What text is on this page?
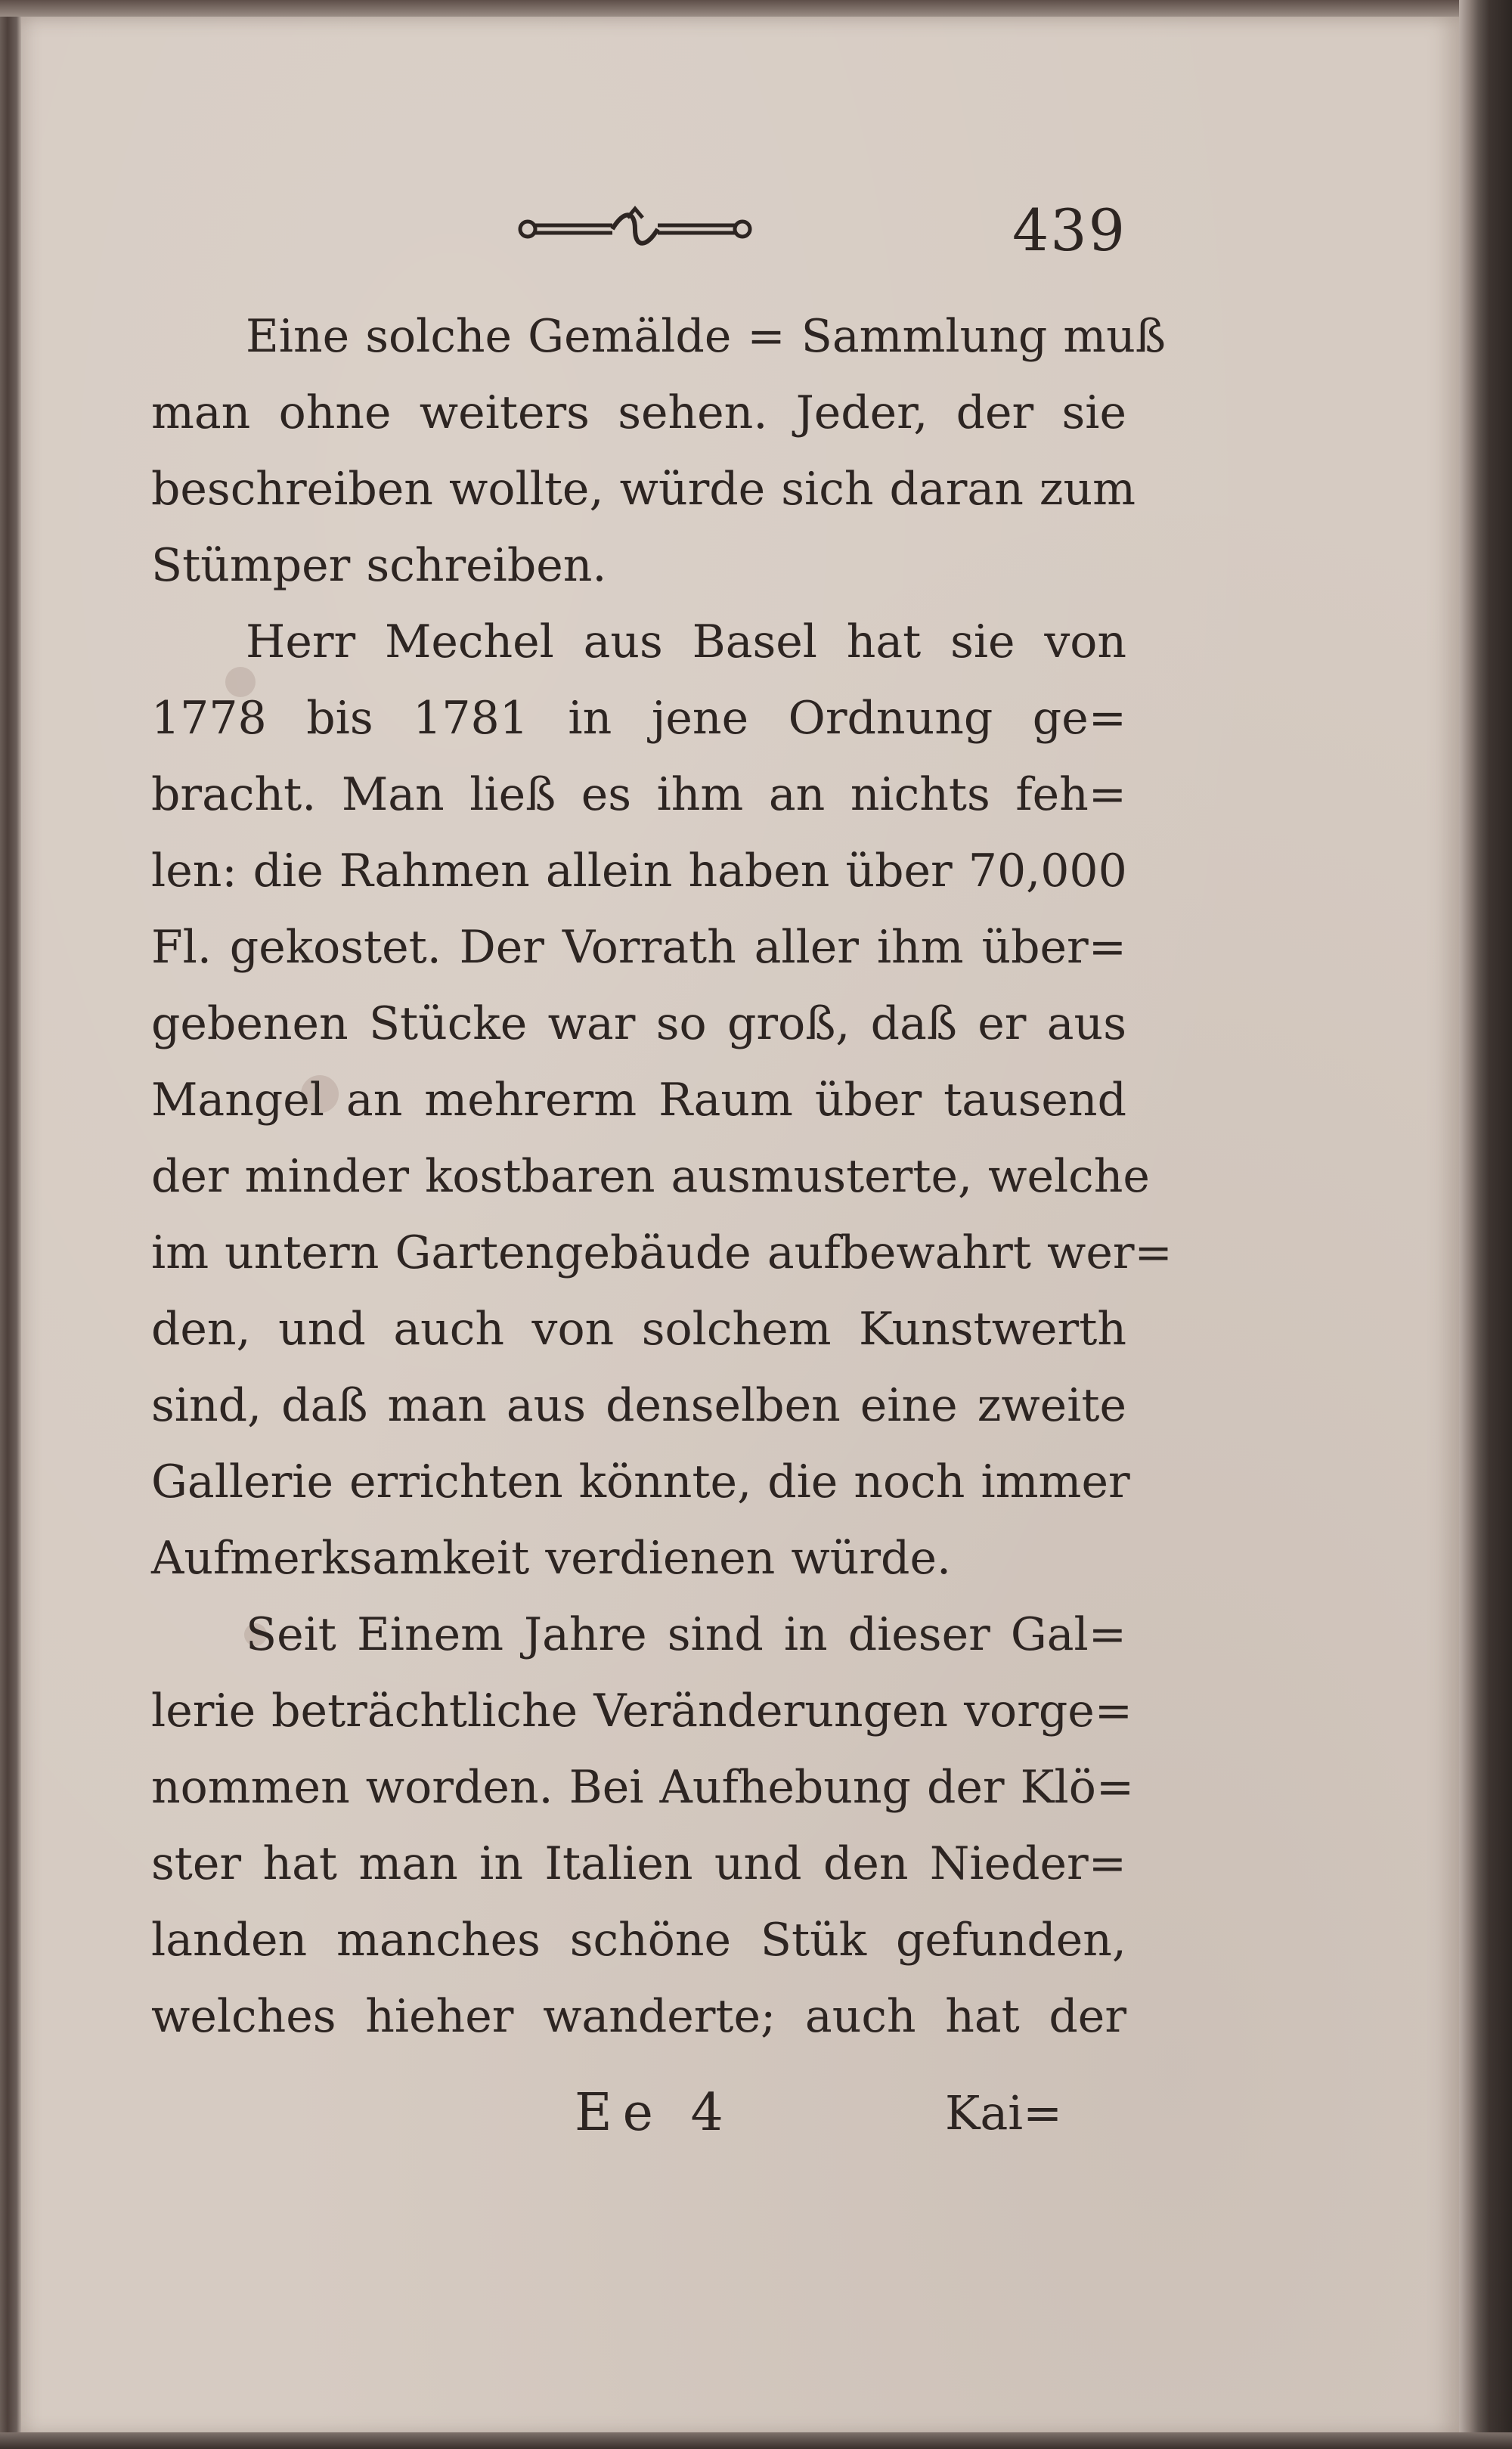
439
Eine solche Gemälde = Sammlung muß
man ohne weiters sehen. Jeder, der sie
beschreiben wollte, würde sich daran zum
Stümper schreiben.
Herr Mechel aus Basel hat sie von
1778 bis 1781 in jene Ordnung ge=
bracht. Man ließ es ihm an nichts feh=
len: die Rahmen allein haben über 70,000
Fl. gekostet. Der Vorrath aller ihm über=
gebenen Stücke war so groß, daß er aus
Mangel an mehrerm Raum über tausend
der minder kostbaren ausmusterte, welche
im untern Gartengebäude aufbewahrt wer=
den, und auch von solchem Kunstwerth
sind, daß man aus denselben eine zweite
Gallerie errichten könnte, die noch immer
Aufmerksamkeit verdienen würde.
Seit Einem Jahre sind in dieser Gal=
lerie beträchtliche Veränderungen vorge=
nommen worden. Bei Aufhebung der Klö=
ster hat man in Italien und den Nieder=
landen manches schöne Stük gefunden,
welches hieher wanderte; auch hat der
Ee 4	Kai=
